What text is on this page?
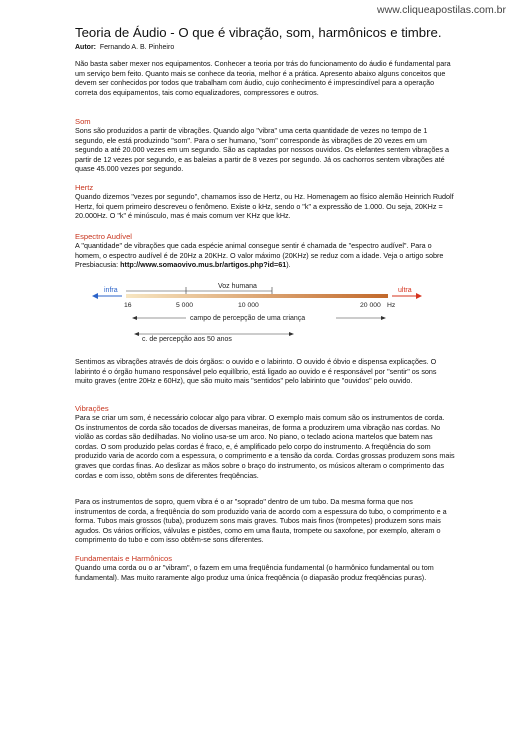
www.cliqueapostilas.com.br
Teoria de Áudio - O que é vibração, som, harmônicos e timbre.
Autor: Fernando A. B. Pinheiro

Não basta saber mexer nos equipamentos. Conhecer a teoria por trás do funcionamento do áudio é fundamental para um serviço bem feito. Quanto mais se conhece da teoria, melhor é a prática. Apresento abaixo alguns conceitos que devem ser conhecidos por todos que trabalham com áudio, cujo conhecimento é imprescindível para a operação correta dos equipamentos, tais como equalizadores, compressores e outros.

Som

Sons são produzidos a partir de vibrações. Quando algo "vibra" uma certa quantidade de vezes no tempo de 1 segundo, ele está produzindo "som". Para o ser humano, "som" corresponde às vibrações de 20 vezes em um segundo a até 20.000 vezes em um segundo. São as captadas por nossos ouvidos. Os elefantes sentem vibrações a partir de 12 vezes por segundo, e as baleias a partir de 8 vezes por segundo. Já os cachorros sentem vibrações até quase 45.000 vezes por segundo.

Hertz

Quando dizemos "vezes por segundo", chamamos isso de Hertz, ou Hz. Homenagem ao físico alemão Heinrich Rudolf Hertz, foi quem primeiro descreveu o fenômeno. Existe o kHz, sendo o "k" a expressão de 1.000. Ou seja, 20KHz = 20.000Hz. O "k" é minúsculo, mas é mais comum ver KHz que kHz.

Espectro Audível

A "quantidade" de vibrações que cada espécie animal consegue sentir é chamada de "espectro audível". Para o homem, o espectro audível é de 20Hz a 20KHz. O valor máximo (20KHz) se reduz com a idade. Veja o artigo sobre Presbiacusia: http://www.somaovivo.mus.br/artigos.php?id=61).

Voz humana
infra	ultra
16	5 000	10 000	20 000 Hz
campo de percepção de uma criança
c. de percepção aos 50 anos

Sentimos as vibrações através de dois órgãos: o ouvido e o labirinto. O ouvido é óbvio e dispensa explicações. O labirinto é o órgão humano responsável pelo equilíbrio, está ligado ao ouvido e é responsável por "sentir" os sons muito graves (entre 20Hz e 60Hz), que são muito mais "sentidos" pelo labirinto que "ouvidos" pelo ouvido.

Vibrações

Para se criar um som, é necessário colocar algo para vibrar. O exemplo mais comum são os instrumentos de corda. Os instrumentos de corda são tocados de diversas maneiras, de forma a produzirem uma vibração nas cordas. No violão as cordas são dedilhadas. No violino usa-se um arco. No piano, o teclado aciona martelos que batem nas cordas. O som produzido pelas cordas é fraco, e, é amplificado pelo corpo do instrumento. A freqüência do som produzido varia de acordo com a espessura, o comprimento e a tensão da corda. Cordas grossas produzem sons mais graves que cordas finas. Ao deslizar as mãos sobre o braço do instrumento, os músicos alteram o comprimento das cordas e com isso, obtêm sons de diferentes freqüências.

Para os instrumentos de sopro, quem vibra é o ar "soprado" dentro de um tubo. Da mesma forma que nos instrumentos de corda, a freqüência do som produzido varia de acordo com a espessura do tubo, o comprimento e a forma. Tubos mais grossos (tuba), produzem sons mais graves. Tubos mais finos (trompetes) produzem sons mais agudos. Os vários orifícios, válvulas e pistões, como em uma flauta, trompete ou saxofone, por exemplo, alteram o comprimento do tubo e com isso obtêm-se sons diferentes.

Fundamentais e Harmônicos

Quando uma corda ou o ar "vibram", o fazem em uma freqüência fundamental (o harmônico fundamental ou tom fundamental). Mas muito raramente algo produz uma única freqüência (o diapasão produz freqüências puras).
